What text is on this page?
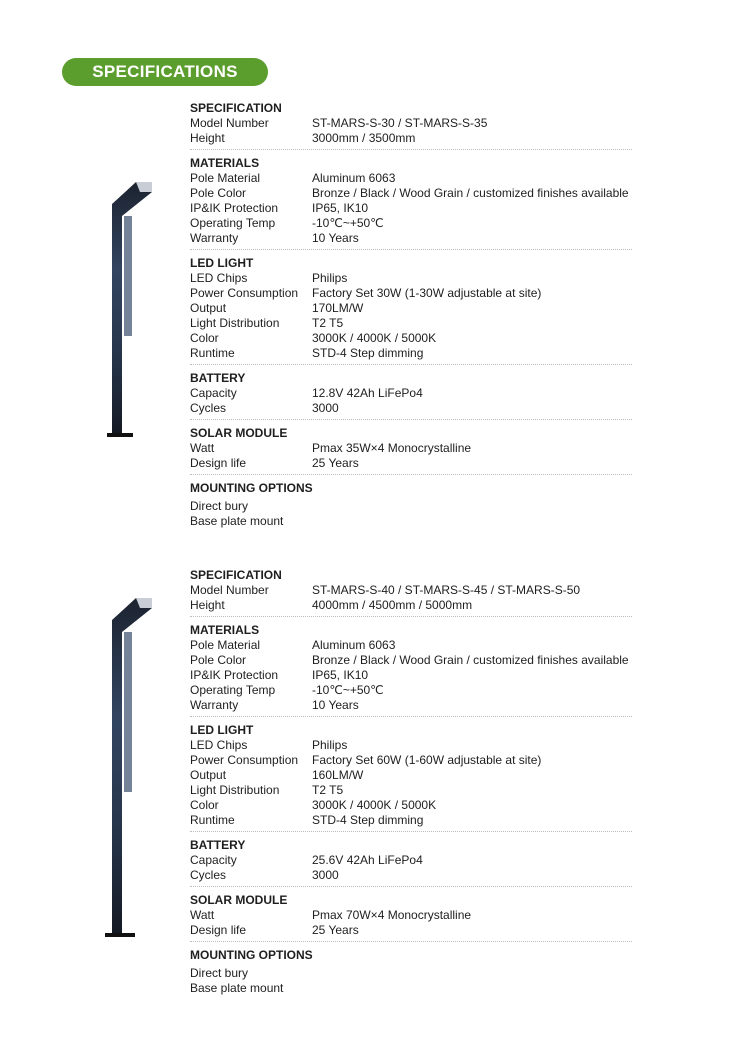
SPECIFICATIONS
SPECIFICATION
Model Number	ST-MARS-S-30 / ST-MARS-S-35
Height	3000mm / 3500mm
MATERIALS
Pole Material	Aluminum 6063
Pole Color	Bronze / Black / Wood Grain / customized finishes available
IP&IK Protection	IP65, IK10
Operating Temp	-10℃~+50℃
Warranty	10 Years
LED LIGHT
LED Chips	Philips
Power Consumption	Factory Set 30W (1-30W adjustable at site)
Output	170LM/W
Light Distribution	T2 T5
Color	3000K / 4000K / 5000K
Runtime	STD-4 Step dimming
BATTERY
Capacity	12.8V 42Ah LiFePo4
Cycles	3000
SOLAR MODULE
Watt	Pmax 35W×4 Monocrystalline
Design life	25 Years
MOUNTING OPTIONS
Direct bury
Base plate mount
SPECIFICATION
Model Number	ST-MARS-S-40 / ST-MARS-S-45 / ST-MARS-S-50
Height	4000mm / 4500mm / 5000mm
MATERIALS
Pole Material	Aluminum 6063
Pole Color	Bronze / Black / Wood Grain / customized finishes available
IP&IK Protection	IP65, IK10
Operating Temp	-10℃~+50℃
Warranty	10 Years
LED LIGHT
LED Chips	Philips
Power Consumption	Factory Set 60W (1-60W adjustable at site)
Output	160LM/W
Light Distribution	T2 T5
Color	3000K / 4000K / 5000K
Runtime	STD-4 Step dimming
BATTERY
Capacity	25.6V 42Ah LiFePo4
Cycles	3000
SOLAR MODULE
Watt	Pmax 70W×4 Monocrystalline
Design life	25 Years
MOUNTING OPTIONS
Direct bury
Base plate mount
